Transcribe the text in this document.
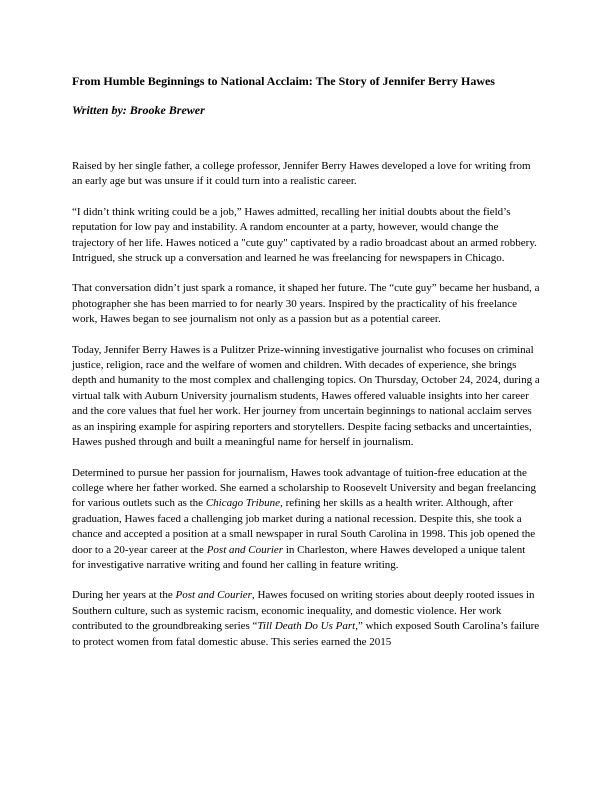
From Humble Beginnings to National Acclaim: The Story of Jennifer Berry Hawes

Written by: Brooke Brewer

Raised by her single father, a college professor, Jennifer Berry Hawes developed a love for writing from an early age but was unsure if it could turn into a realistic career.

“I didn’t think writing could be a job,” Hawes admitted, recalling her initial doubts about the field’s reputation for low pay and instability. A random encounter at a party, however, would change the trajectory of her life. Hawes noticed a "cute guy" captivated by a radio broadcast about an armed robbery. Intrigued, she struck up a conversation and learned he was freelancing for newspapers in Chicago.

That conversation didn’t just spark a romance, it shaped her future. The “cute guy” became her husband, a photographer she has been married to for nearly 30 years. Inspired by the practicality of his freelance work, Hawes began to see journalism not only as a passion but as a potential career.

Today, Jennifer Berry Hawes is a Pulitzer Prize-winning investigative journalist who focuses on criminal justice, religion, race and the welfare of women and children. With decades of experience, she brings depth and humanity to the most complex and challenging topics. On Thursday, October 24, 2024, during a virtual talk with Auburn University journalism students, Hawes offered valuable insights into her career and the core values that fuel her work. Her journey from uncertain beginnings to national acclaim serves as an inspiring example for aspiring reporters and storytellers. Despite facing setbacks and uncertainties, Hawes pushed through and built a meaningful name for herself in journalism.

Determined to pursue her passion for journalism, Hawes took advantage of tuition-free education at the college where her father worked. She earned a scholarship to Roosevelt University and began freelancing for various outlets such as the Chicago Tribune, refining her skills as a health writer. Although, after graduation, Hawes faced a challenging job market during a national recession. Despite this, she took a chance and accepted a position at a small newspaper in rural South Carolina in 1998. This job opened the door to a 20-year career at the Post and Courier in Charleston, where Hawes developed a unique talent for investigative narrative writing and found her calling in feature writing.

During her years at the Post and Courier, Hawes focused on writing stories about deeply rooted issues in Southern culture, such as systemic racism, economic inequality, and domestic violence. Her work contributed to the groundbreaking series “Till Death Do Us Part,” which exposed South Carolina’s failure to protect women from fatal domestic abuse. This series earned the 2015
